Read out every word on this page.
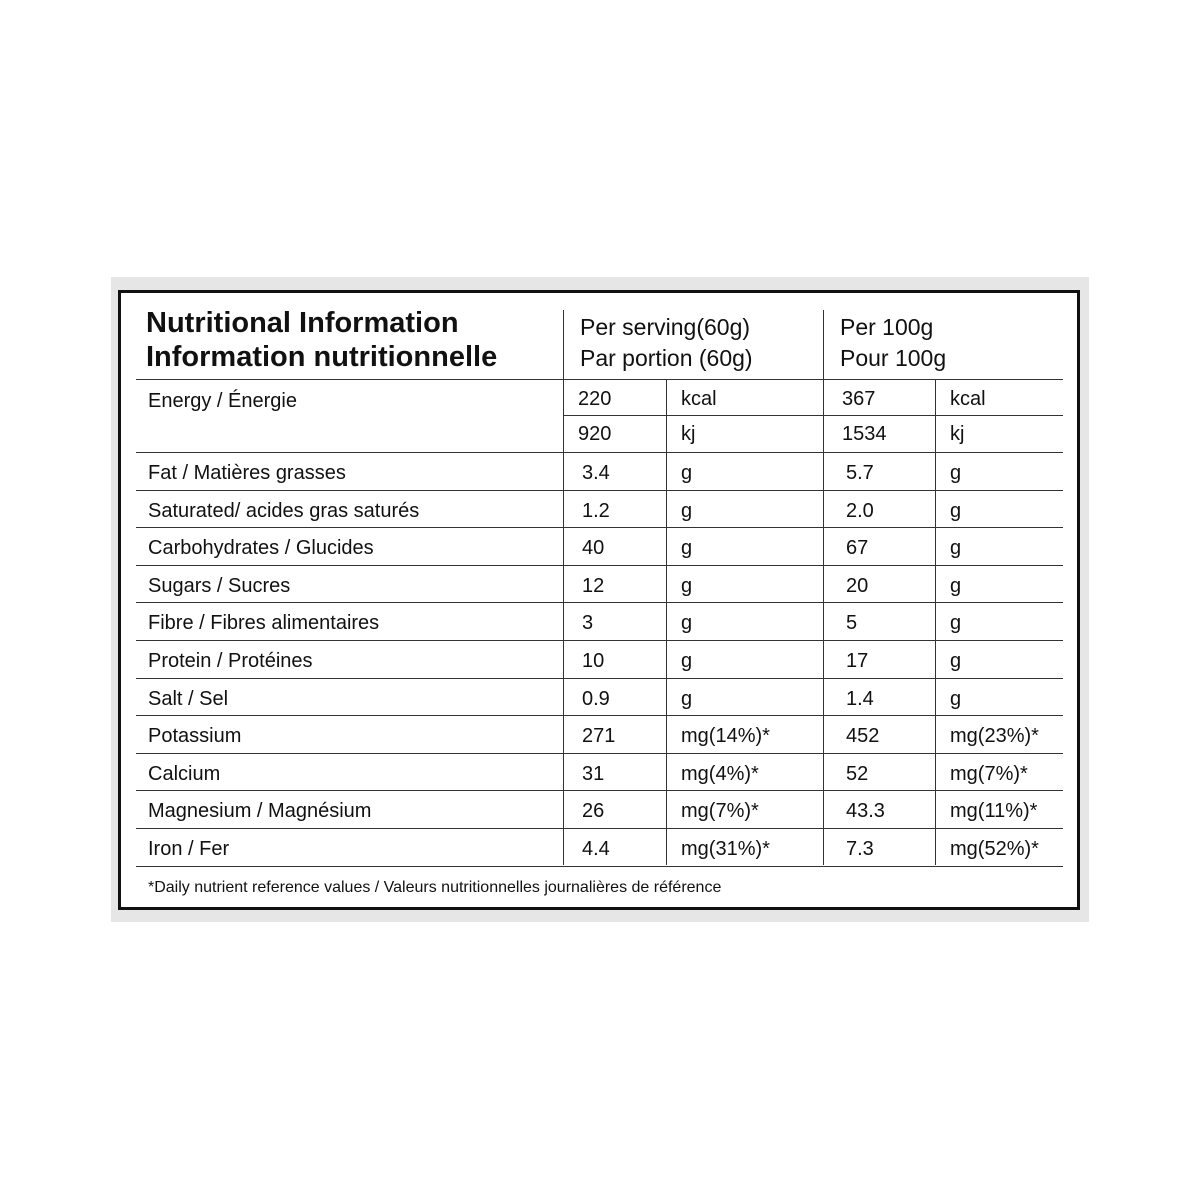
Nutritional Information
Information nutritionnelle
Per serving(60g)
Par portion (60g)
Per 100g
Pour 100g
Energy / Énergie	220	kcal	367	kcal
920	kj	1534	kj
Fat / Matières grasses	3.4	g	5.7	g
Saturated/ acides gras saturés	1.2	g	2.0	g
Carbohydrates / Glucides	40	g	67	g
Sugars / Sucres	12	g	20	g
Fibre / Fibres alimentaires	3	g	5	g
Protein / Protéines	10	g	17	g
Salt / Sel	0.9	g	1.4	g
Potassium	271	mg(14%)*	452	mg(23%)*
Calcium	31	mg(4%)*	52	mg(7%)*
Magnesium / Magnésium	26	mg(7%)*	43.3	mg(11%)*
Iron / Fer	4.4	mg(31%)*	7.3	mg(52%)*
*Daily nutrient reference values / Valeurs nutritionnelles journalières de référence
